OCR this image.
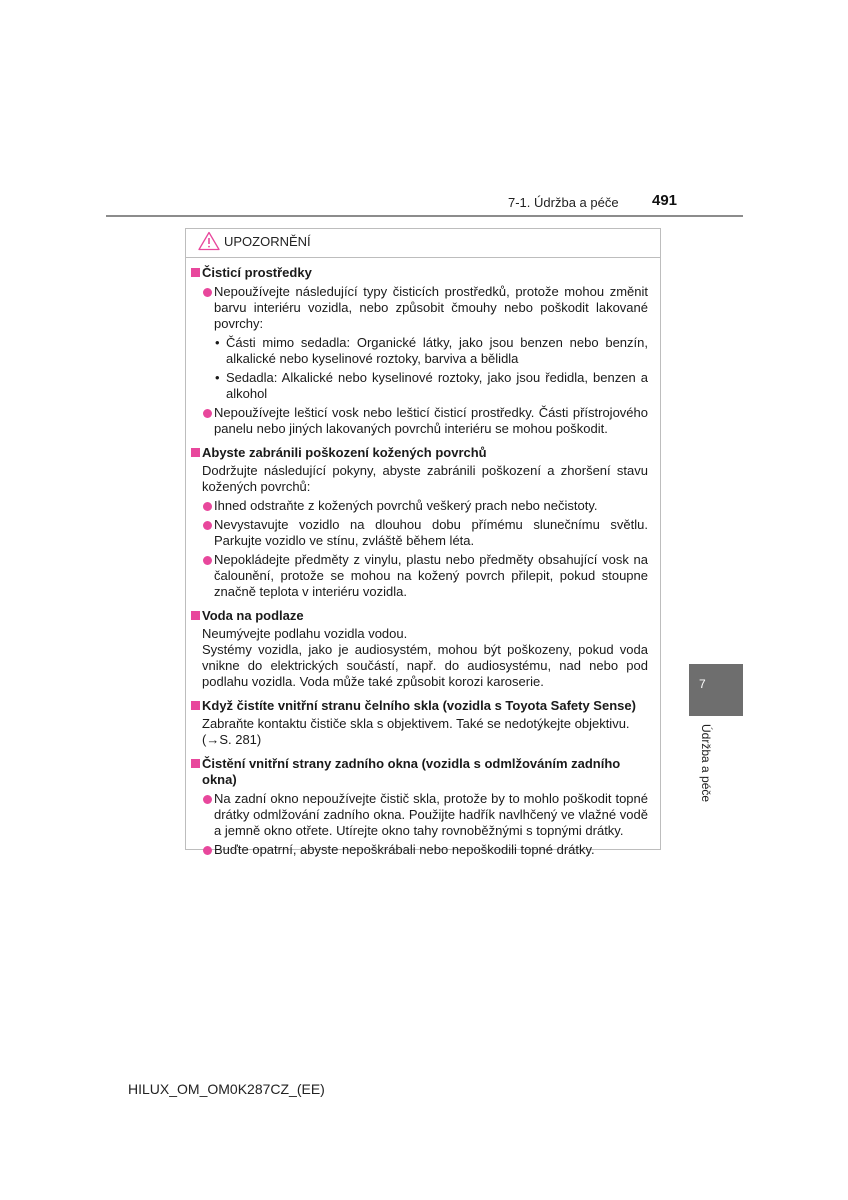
7-1. Údržba a péče 491
UPOZORNĚNÍ
Čisticí prostředky
Nepoužívejte následující typy čisticích prostředků, protože mohou změnit barvu interiéru vozidla, nebo způsobit čmouhy nebo poškodit lakované povrchy:
• Části mimo sedadla: Organické látky, jako jsou benzen nebo benzín, alkalické nebo kyselinové roztoky, barviva a bělidla
• Sedadla: Alkalické nebo kyselinové roztoky, jako jsou ředidla, benzen a alkohol
Nepoužívejte lešticí vosk nebo lešticí čisticí prostředky. Části přístrojového panelu nebo jiných lakovaných povrchů interiéru se mohou poškodit.
Abyste zabránili poškození kožených povrchů
Dodržujte následující pokyny, abyste zabránili poškození a zhoršení stavu kožených povrchů:
Ihned odstraňte z kožených povrchů veškerý prach nebo nečistoty.
Nevystavujte vozidlo na dlouhou dobu přímému slunečnímu světlu. Parkujte vozidlo ve stínu, zvláště během léta.
Nepokládejte předměty z vinylu, plastu nebo předměty obsahující vosk na čalounění, protože se mohou na kožený povrch přilepit, pokud stoupne značně teplota v interiéru vozidla.
Voda na podlaze
Neumývejte podlahu vozidla vodou.
Systémy vozidla, jako je audiosystém, mohou být poškozeny, pokud voda vnikne do elektrických součástí, např. do audiosystému, nad nebo pod podlahu vozidla. Voda může také způsobit korozi karoserie.
Když čistíte vnitřní stranu čelního skla (vozidla s Toyota Safety Sense)
Zabraňte kontaktu čističe skla s objektivem. Také se nedotýkejte objektivu.
(→S. 281)
Čistění vnitřní strany zadního okna (vozidla s odmlžováním zadního okna)
Na zadní okno nepoužívejte čistič skla, protože by to mohlo poškodit topné drátky odmlžování zadního okna. Použijte hadřík navlhčený ve vlažné vodě a jemně okno otřete. Utírejte okno tahy rovnoběžnými s topnými drátky.
Buďte opatrní, abyste nepoškrábali nebo nepoškodili topné drátky.
7
Údržba a péče
HILUX_OM_OM0K287CZ_(EE)
